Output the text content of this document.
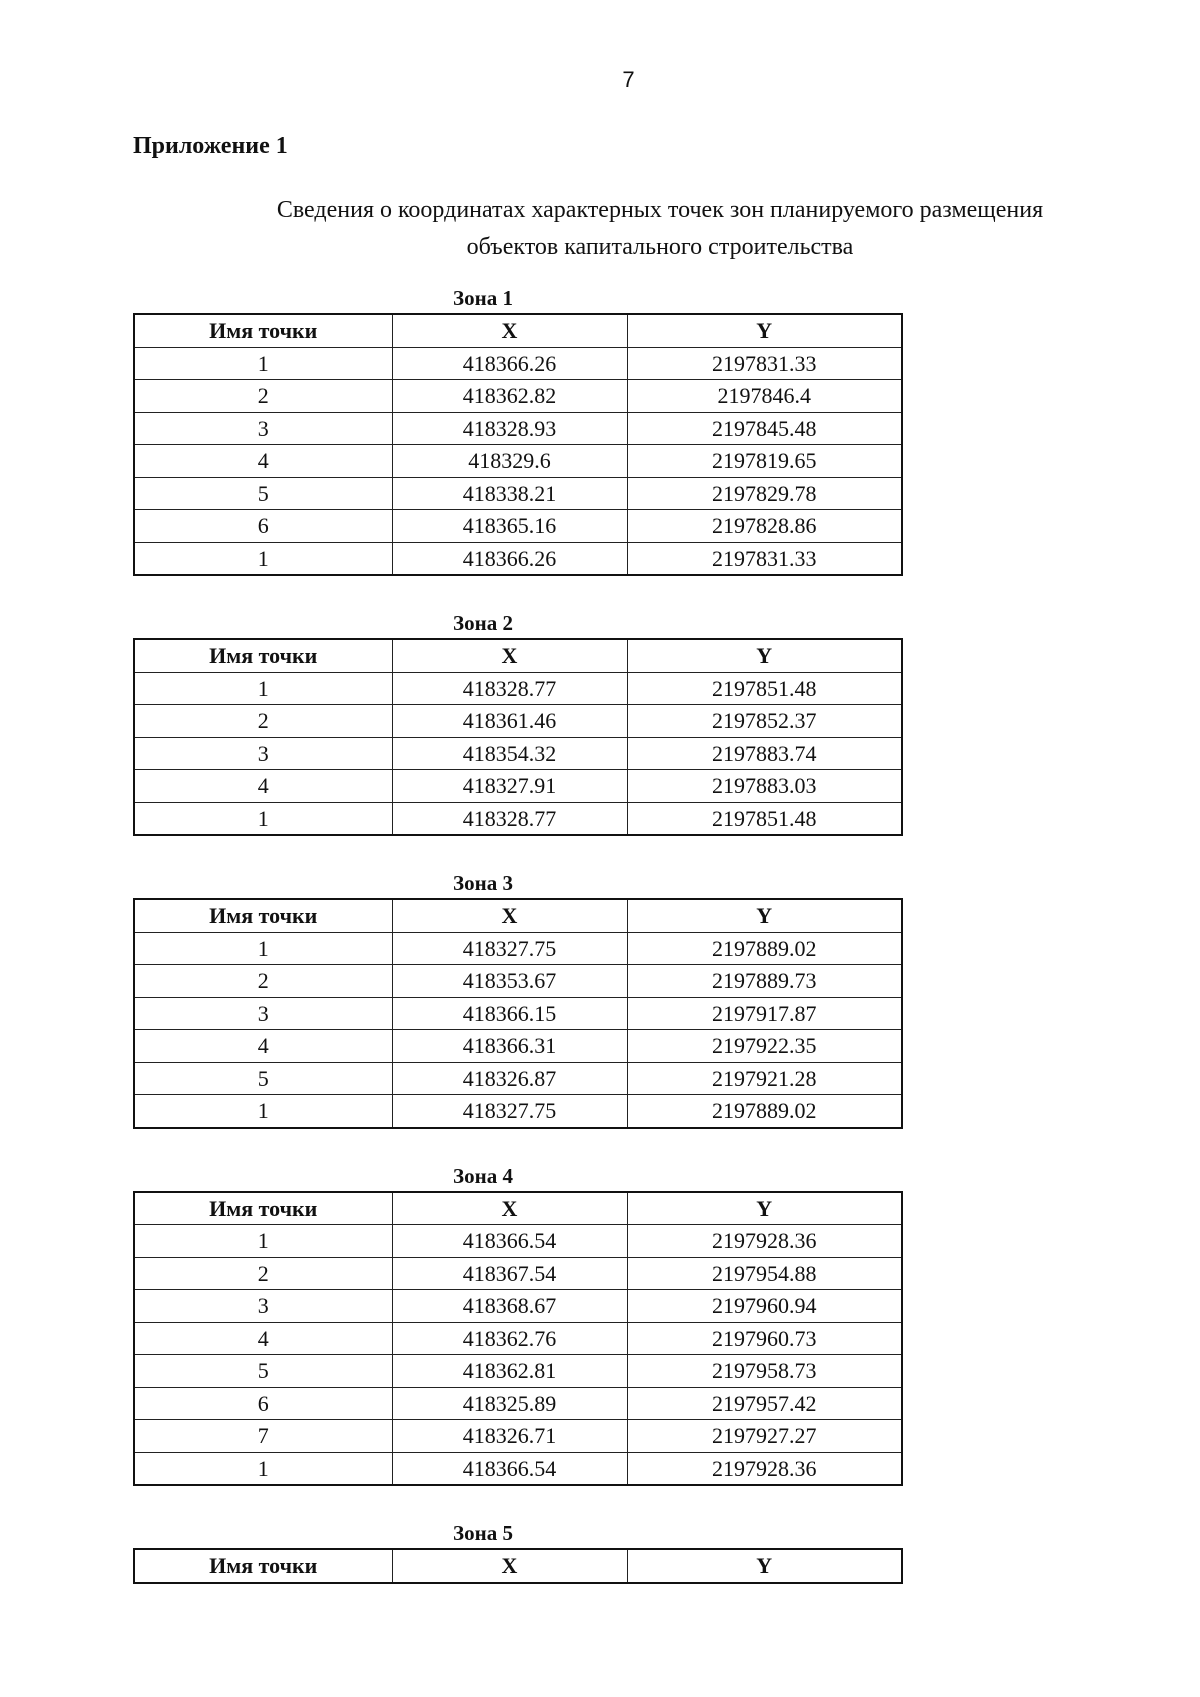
7
Приложение 1
Сведения о координатах характерных точек зон планируемого размещения
объектов капитального строительства
Зона 1
Имя точки	X	Y
1	418366.26	2197831.33
2	418362.82	2197846.4
3	418328.93	2197845.48
4	418329.6	2197819.65
5	418338.21	2197829.78
6	418365.16	2197828.86
1	418366.26	2197831.33
Зона 2
Имя точки	X	Y
1	418328.77	2197851.48
2	418361.46	2197852.37
3	418354.32	2197883.74
4	418327.91	2197883.03
1	418328.77	2197851.48
Зона 3
Имя точки	X	Y
1	418327.75	2197889.02
2	418353.67	2197889.73
3	418366.15	2197917.87
4	418366.31	2197922.35
5	418326.87	2197921.28
1	418327.75	2197889.02
Зона 4
Имя точки	X	Y
1	418366.54	2197928.36
2	418367.54	2197954.88
3	418368.67	2197960.94
4	418362.76	2197960.73
5	418362.81	2197958.73
6	418325.89	2197957.42
7	418326.71	2197927.27
1	418366.54	2197928.36
Зона 5
Имя точки	X	Y
